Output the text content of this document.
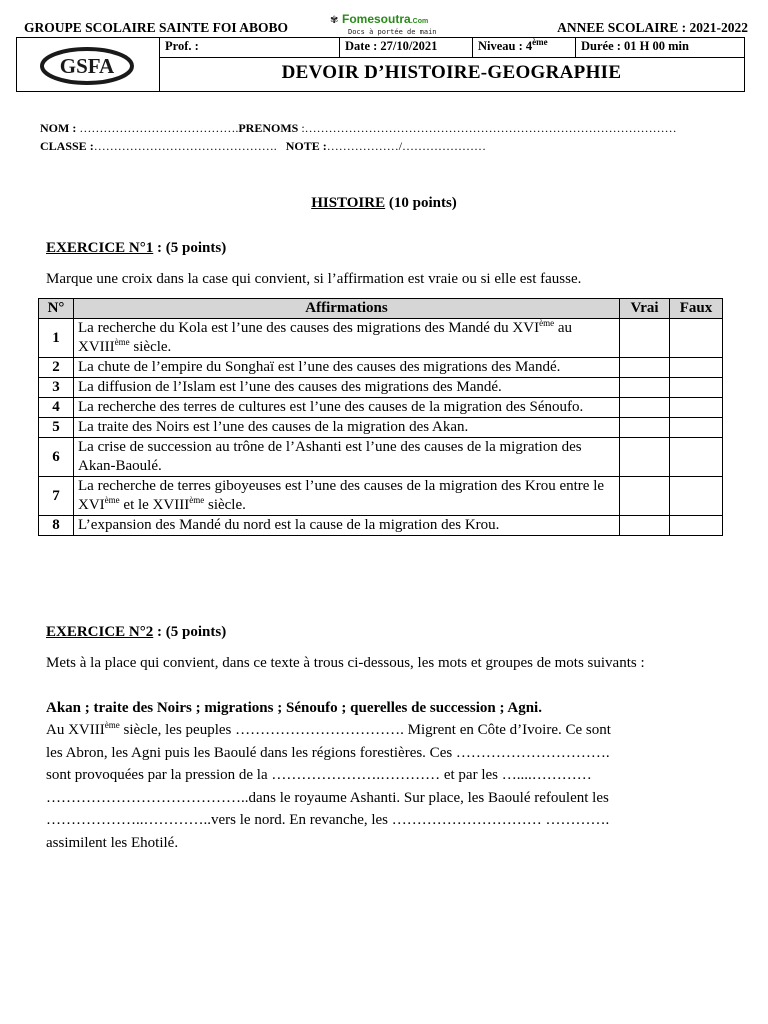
GROUPE SCOLAIRE SAINTE FOI ABOBO	✾ Fomesoutra.Com
Docs à portée de main	ANNEE SCOLAIRE : 2021-2022
GSFA
Prof. :	Date : 27/10/2021	Niveau : 4ème	Durée : 01 H 00 min
DEVOIR D’HISTOIRE-GEOGRAPHIE
NOM : ………………………………….PRENOMS :…………………………………………………………………………………
CLASSE :………………………………………. NOTE :………………/…………………
HISTOIRE (10 points)
EXERCICE N°1 : (5 points)
Marque une croix dans la case qui convient, si l’affirmation est vraie ou si elle est fausse.
N°	Affirmations	Vrai	Faux
1	La recherche du Kola est l’une des causes des migrations des Mandé du XVIème au XVIIIème siècle.		
2	La chute de l’empire du Songhaï est l’une des causes des migrations des Mandé.		
3	La diffusion de l’Islam est l’une des causes des migrations des Mandé.		
4	La recherche des terres de cultures est l’une des causes de la migration des Sénoufo.		
5	La traite des Noirs est l’une des causes de la migration des Akan.		
6	La crise de succession au trône de l’Ashanti est l’une des causes de la migration des Akan-Baoulé.		
7	La recherche de terres giboyeuses est l’une des causes de la migration des Krou entre le XVIème et le XVIIIème siècle.		
8	L’expansion des Mandé du nord est la cause de la migration des Krou.		
EXERCICE N°2 : (5 points)
Mets à la place qui convient, dans ce texte à trous ci-dessous, les mots et groupes de mots suivants :
Akan ; traite des Noirs ; migrations ; Sénoufo ; querelles de succession ; Agni.
Au XVIIIème siècle, les peuples ……………………………. Migrent en Côte d’Ivoire. Ce sont
les Abron, les Agni puis les Baoulé dans les régions forestières. Ces ………………………….
sont provoquées par la pression de la ………………….………… et par les …....…………
…………………………………..dans le royaume Ashanti. Sur place, les Baoulé refoulent les
………………..…………..vers le nord. En revanche, les ………………………… ………….
assimilent les Ehotilé.
